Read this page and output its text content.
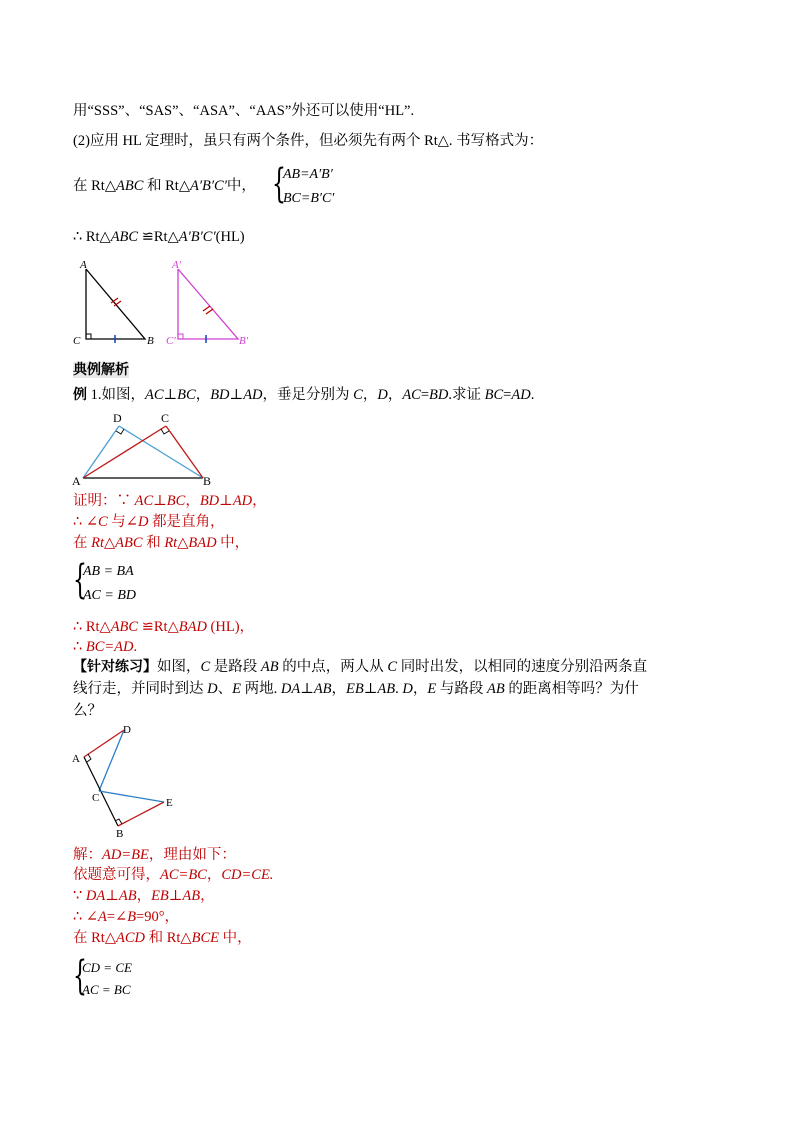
用“SSS”、“SAS”、“ASA”、“AAS”外还可以使用“HL”.
(2)应用 HL 定理时，虽只有两个条件，但必须先有两个 Rt△. 书写格式为：
在 Rt△ABC 和 Rt△A′B′C′中， {
AB=A′B′
BC=B′C′
∴ Rt△ABC ≌Rt△A′B′C′(HL)
A
C	B
A′
C′	B′
典例解析
例 1.如图，AC⊥BC，BD⊥AD，垂足分别为 C，D，AC=BD.求证 BC=AD.
D	C
A	B
证明：∵ AC⊥BC，BD⊥AD，
∴ ∠C 与∠D 都是直角，
在 Rt△ABC 和 Rt△BAD 中，
{
AB = BA
AC = BD
∴ Rt△ABC ≌Rt△BAD (HL)，
∴ BC=AD.
【针对练习】如图，C 是路段 AB 的中点，两人从 C 同时出发，以相同的速度分别沿两条直
线行走，并同时到达 D、E 两地. DA⊥AB，EB⊥AB. D，E 与路段 AB 的距离相等吗？为什
么？
D
A
C	E
B
解：AD=BE，理由如下：
依题意可得，AC=BC，CD=CE.
∵ DA⊥AB，EB⊥AB，
∴ ∠A=∠B=90°，
在 Rt△ACD 和 Rt△BCE 中，
{
CD = CE
AC = BC
